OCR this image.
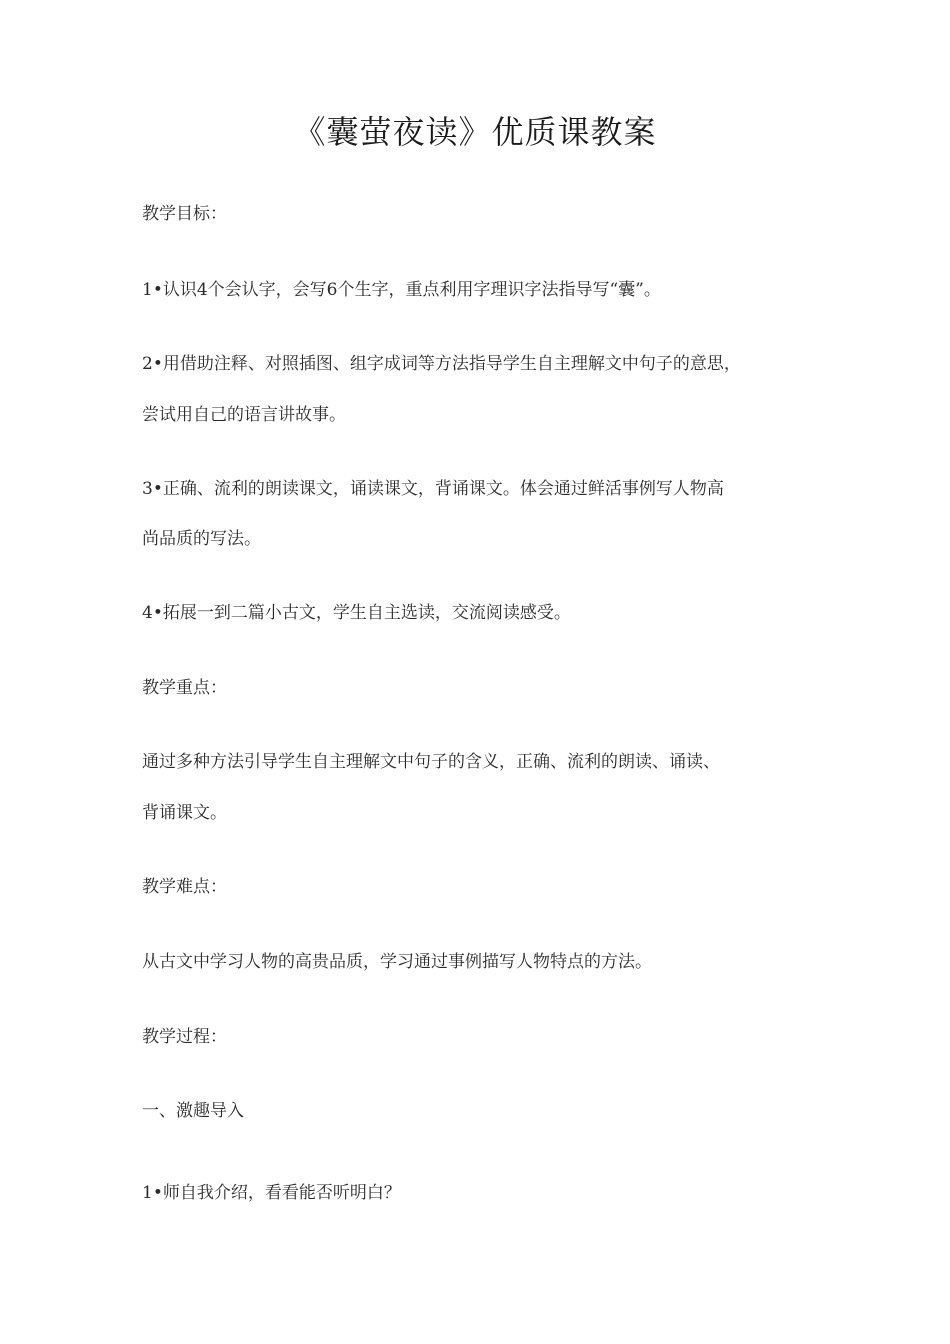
《囊萤夜读》优质课教案
教学目标：
1•认识4个会认字，会写6个生字，重点利用字理识字法指导写“囊”。
2•用借助注释、对照插图、组字成词等方法指导学生自主理解文中句子的意思，
尝试用自己的语言讲故事。
3•正确、流利的朗读课文，诵读课文，背诵课文。体会通过鲜活事例写人物高
尚品质的写法。
4•拓展一到二篇小古文，学生自主选读，交流阅读感受。
教学重点：
通过多种方法引导学生自主理解文中句子的含义，正确、流利的朗读、诵读、
背诵课文。
教学难点：
从古文中学习人物的高贵品质，学习通过事例描写人物特点的方法。
教学过程：
一、激趣导入
1•师自我介绍，看看能否听明白？
